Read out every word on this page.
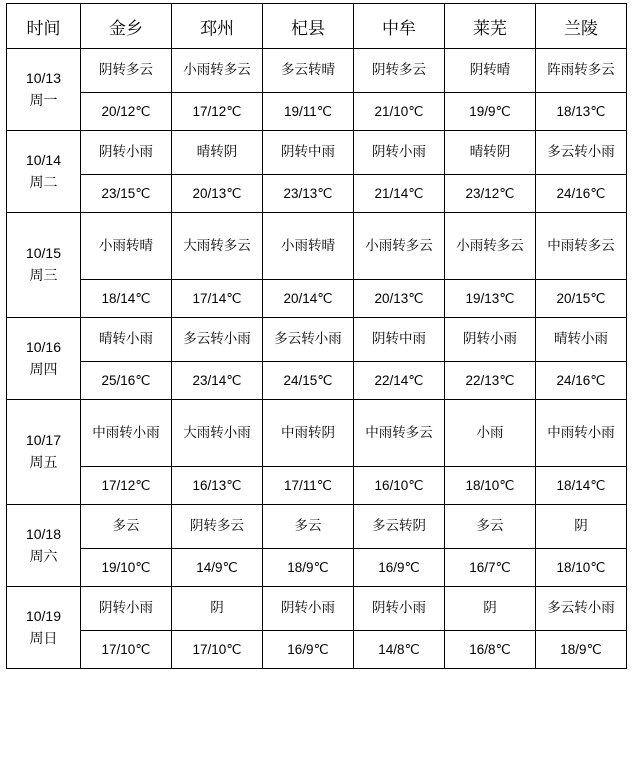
时间	金乡	邳州	杞县	中牟	莱芜	兰陵

10/13
周一	阴转多云	小雨转多云	多云转晴	阴转多云	阴转晴	阵雨转多云
	20/12℃	17/12℃	19/11℃	21/10℃	19/9℃	18/13℃

10/14
周二	阴转小雨	晴转阴	阴转中雨	阴转小雨	晴转阴	多云转小雨
	23/15℃	20/13℃	23/13℃	21/14℃	23/12℃	24/16℃

10/15
周三	小雨转晴	大雨转多云	小雨转晴	小雨转多云	小雨转多云	中雨转多云
	18/14℃	17/14℃	20/14℃	20/13℃	19/13℃	20/15℃

10/16
周四	晴转小雨	多云转小雨	多云转小雨	阴转中雨	阴转小雨	晴转小雨
	25/16℃	23/14℃	24/15℃	22/14℃	22/13℃	24/16℃

10/17
周五	中雨转小雨	大雨转小雨	中雨转阴	中雨转多云	小雨	中雨转小雨
	17/12℃	16/13℃	17/11℃	16/10℃	18/10℃	18/14℃

10/18
周六	多云	阴转多云	多云	多云转阴	多云	阴
	19/10℃	14/9℃	18/9℃	16/9℃	16/7℃	18/10℃

10/19
周日	阴转小雨	阴	阴转小雨	阴转小雨	阴	多云转小雨
	17/10℃	17/10℃	16/9℃	14/8℃	16/8℃	18/9℃
